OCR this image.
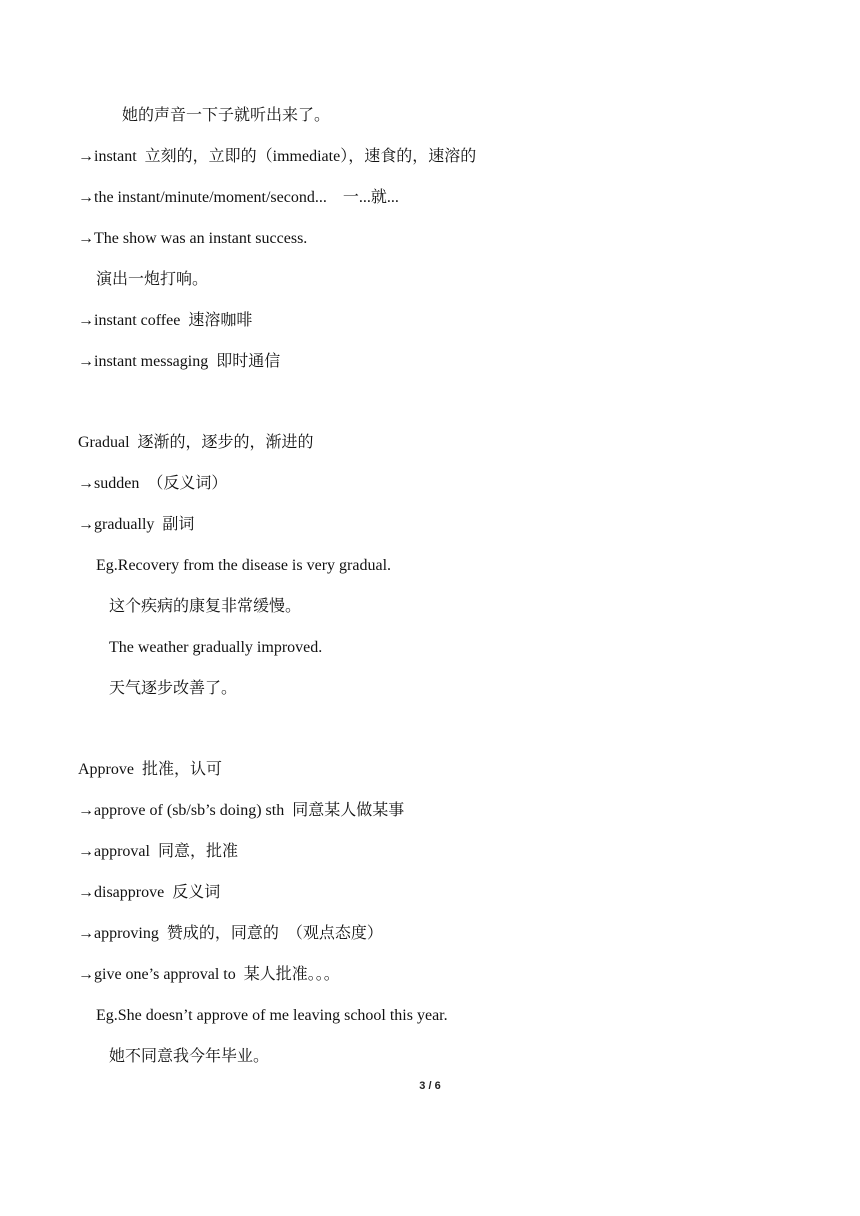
她的声音一下子就听出来了。
→instant  立刻的，立即的（immediate），速食的，速溶的
→the instant/minute/moment/second...    一...就...
→The show was an instant success.
演出一炮打响。
→instant coffee  速溶咖啡
→instant messaging  即时通信
Gradual  逐渐的，逐步的，渐进的
→sudden  （反义词）
→gradually  副词
Eg.Recovery from the disease is very gradual.
这个疾病的康复非常缓慢。
The weather gradually improved.
天气逐步改善了。
Approve  批准，认可
→approve of (sb/sb’s doing) sth  同意某人做某事
→approval  同意，批准
→disapprove  反义词
→approving  赞成的，同意的  （观点态度）
→give one’s approval to  某人批准。。。
Eg.She doesn’t approve of me leaving school this year.
她不同意我今年毕业。
3 / 6
